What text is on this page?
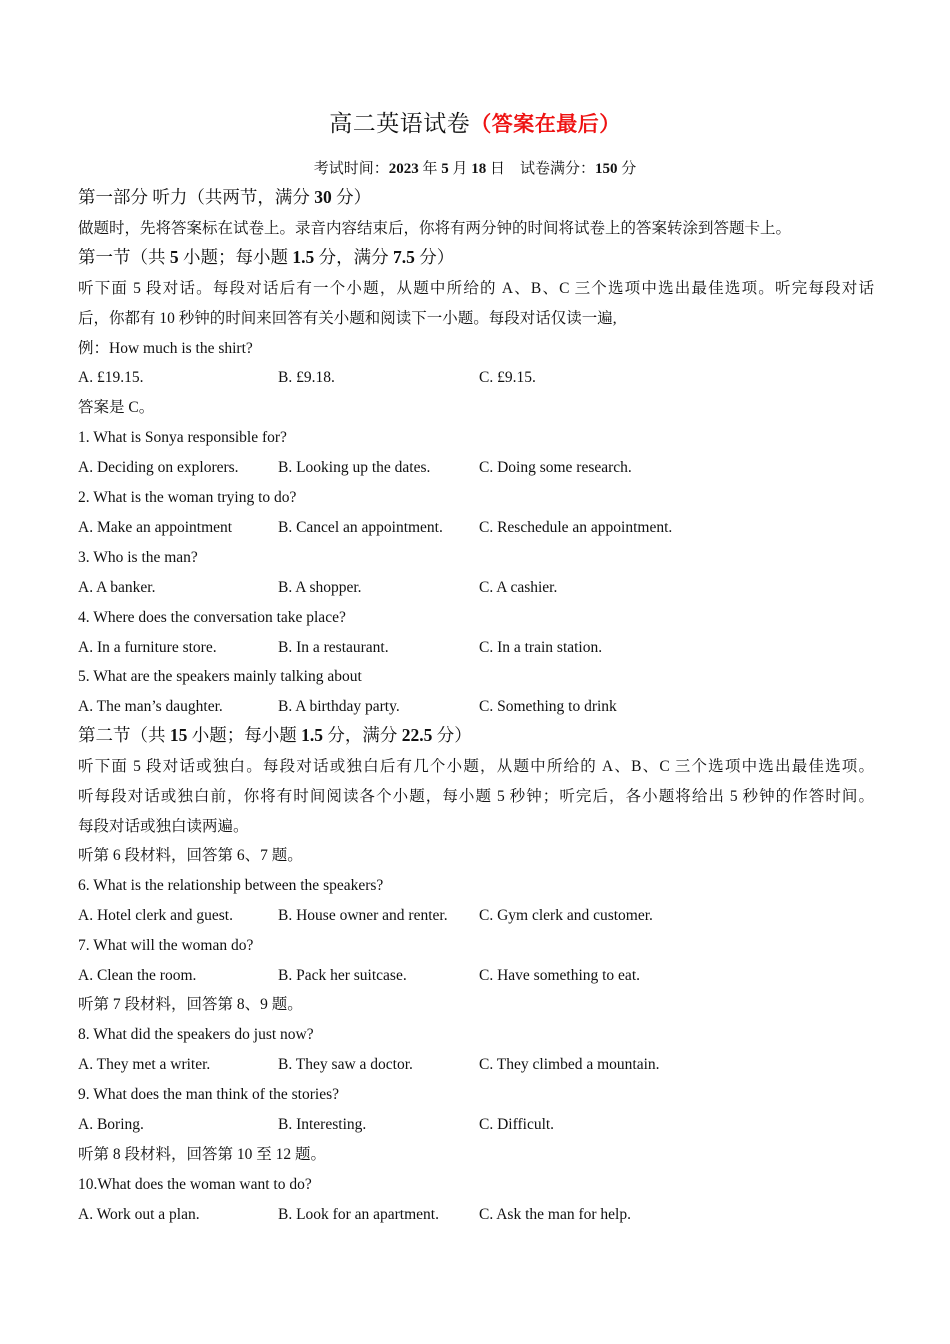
高二英语试卷（答案在最后）
考试时间：2023 年 5 月 18 日 试卷满分：150 分
第一部分 听力（共两节，满分 30 分）
做题时，先将答案标在试卷上。录音内容结束后，你将有两分钟的时间将试卷上的答案转涂到答题卡上。
第一节（共 5 小题；每小题 1.5 分，满分 7.5 分）
听下面 5 段对话。每段对话后有一个小题，从题中所给的 A、B、C 三个选项中选出最佳选项。听完每段对话
后，你都有 10 秒钟的时间来回答有关小题和阅读下一小题。每段对话仅读一遍,
例：How much is the shirt?
A. £19.15.	B. £9.18.	C. £9.15.
答案是 C。
1. What is Sonya responsible for?
A. Deciding on explorers.	B. Looking up the dates.	C. Doing some research.
2. What is the woman trying to do?
A. Make an appointment	B. Cancel an appointment. C. Reschedule an appointment.
3. Who is the man?
A. A banker.	B. A shopper.	C. A cashier.
4. Where does the conversation take place?
A. In a furniture store.	B. In a restaurant.	C. In a train station.
5. What are the speakers mainly talking about
A. The man’s daughter.	B. A birthday party.	C. Something to drink
第二节（共 15 小题；每小题 1.5 分，满分 22.5 分）
听下面 5 段对话或独白。每段对话或独白后有几个小题，从题中所给的 A、B、C 三个选项中选出最佳选项。
听每段对话或独白前，你将有时间阅读各个小题，每小题 5 秒钟；听完后，各小题将给出 5 秒钟的作答时间。
每段对话或独白读两遍。
听第 6 段材料，回答第 6、7 题。
6. What is the relationship between the speakers?
A. Hotel clerk and guest.	B. House owner and renter. C. Gym clerk and customer.
7. What will the woman do?
A. Clean the room.	B. Pack her suitcase.	C. Have something to eat.
听第 7 段材料，回答第 8、9 题。
8. What did the speakers do just now?
A. They met a writer.	B. They saw a doctor.	C. They climbed a mountain.
9. What does the man think of the stories?
A. Boring.	B. Interesting.	C. Difficult.
听第 8 段材料，回答第 10 至 12 题。
10.What does the woman want to do?
A. Work out a plan.	B. Look for an apartment.	C. Ask the man for help.
